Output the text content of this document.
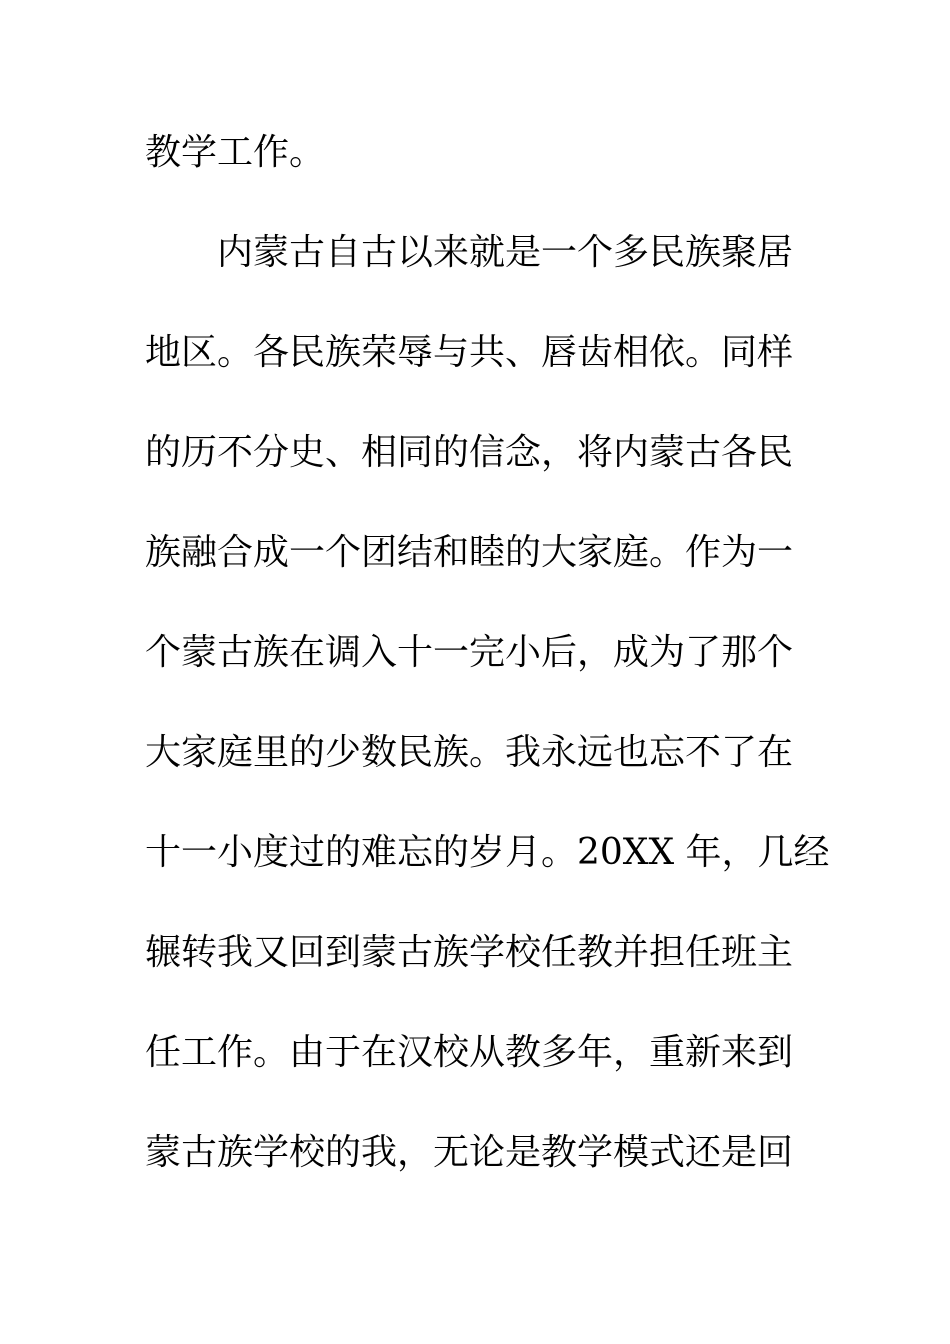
教学工作。
内蒙古自古以来就是一个多民族聚居
地区。各民族荣辱与共、唇齿相依。同样
的历不分史、相同的信念，将内蒙古各民
族融合成一个团结和睦的大家庭。作为一
个蒙古族在调入十一完小后，成为了那个
大家庭里的少数民族。我永远也忘不了在
十一小度过的难忘的岁月。20XX 年，几经
辗转我又回到蒙古族学校任教并担任班主
任工作。由于在汉校从教多年，重新来到
蒙古族学校的我，无论是教学模式还是回
